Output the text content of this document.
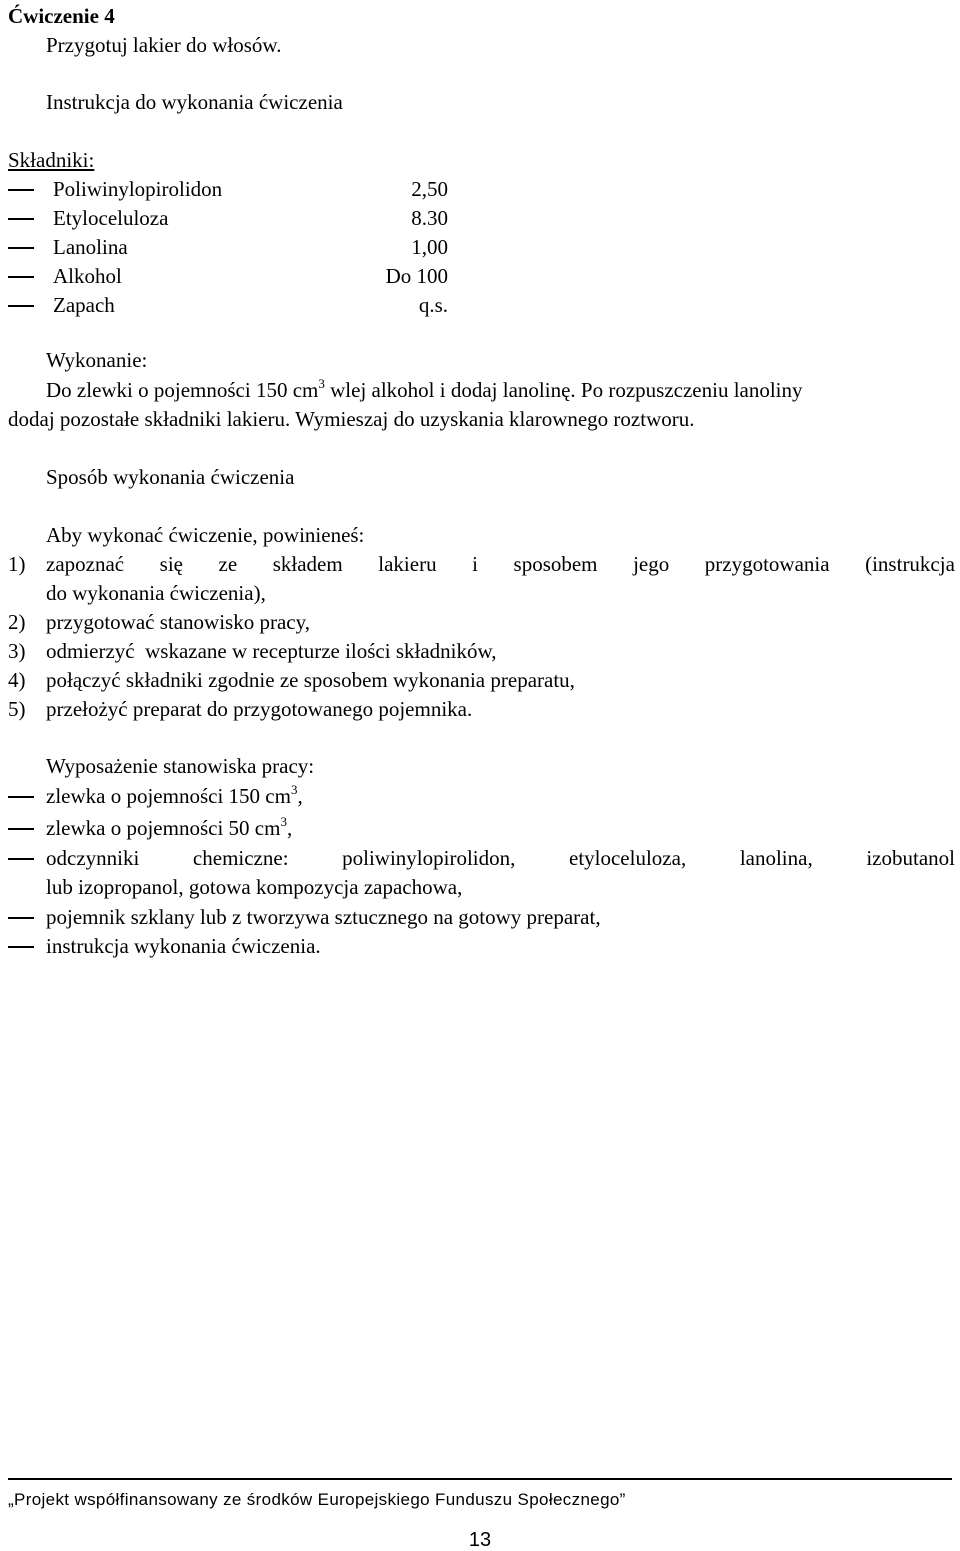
Ćwiczenie 4
Przygotuj lakier do włosów.
Instrukcja do wykonania ćwiczenia
Składniki:
Poliwinylopirolidon	2,50
Etyloceluloza	8.30
Lanolina	1,00
Alkohol	Do 100
Zapach	q.s.
Wykonanie:
Do zlewki o pojemności 150 $cm^3$ wlej alkohol i dodaj lanolinę. Po rozpuszczeniu lanoliny
dodaj pozostałe składniki lakieru. Wymieszaj do uzyskania klarownego roztworu.
Sposób wykonania ćwiczenia
Aby wykonać ćwiczenie, powinieneś:
1) zapoznać się ze składem lakieru i sposobem jego przygotowania (instrukcja
do wykonania ćwiczenia),
2) przygotować stanowisko pracy,
3) odmierzyć  wskazane w recepturze ilości składników,
4) połączyć składniki zgodnie ze sposobem wykonania preparatu,
5) przełożyć preparat do przygotowanego pojemnika.
Wyposażenie stanowiska pracy:
zlewka o pojemności 150 $cm^3$,
zlewka o pojemności 50 $cm^3$,
odczynniki	chemiczne:	poliwinylopirolidon,	etyloceluloza,	lanolina,	izobutanol
lub izopropanol, gotowa kompozycja zapachowa,
pojemnik szklany lub z tworzywa sztucznego na gotowy preparat,
instrukcja wykonania ćwiczenia.
„Projekt współfinansowany ze środków Europejskiego Funduszu Społecznego”
13
